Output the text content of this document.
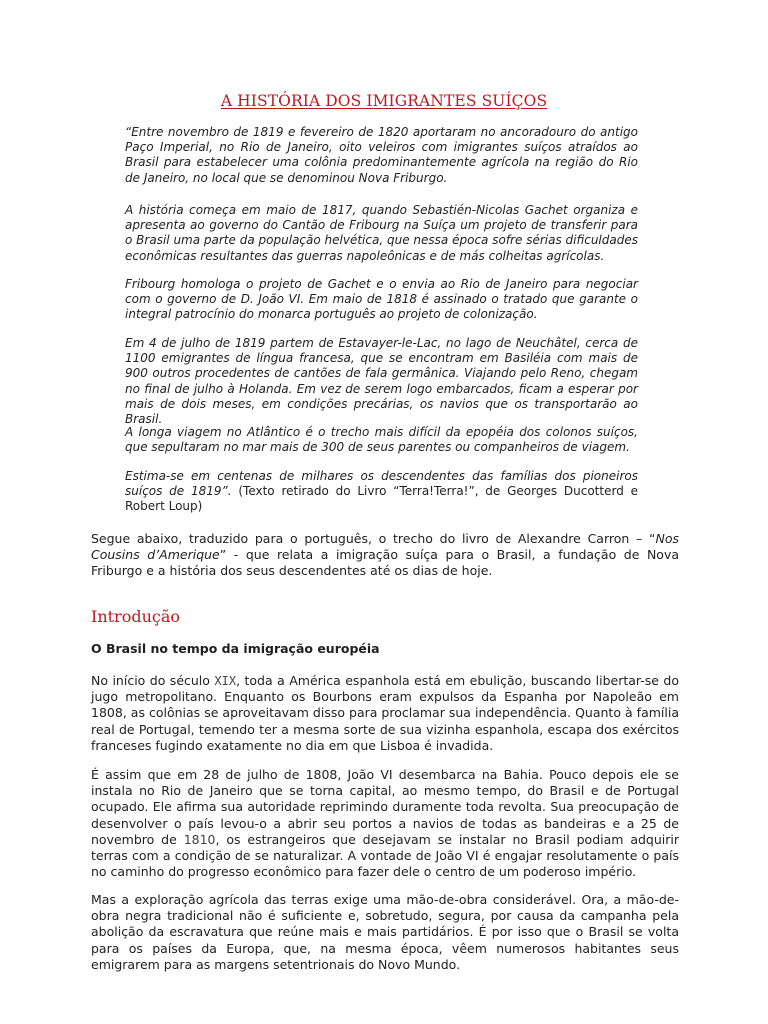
A HISTÓRIA DOS IMIGRANTES SUÍÇOS
“Entre novembro de 1819 e fevereiro de 1820 aportaram no ancoradouro do antigo Paço Imperial, no Rio de Janeiro, oito veleiros com imigrantes suíços atraídos ao Brasil para estabelecer uma colônia predominantemente agrícola na região do Rio de Janeiro, no local que se denominou Nova Friburgo.
A história começa em maio de 1817, quando Sebastién-Nicolas Gachet organiza e apresenta ao governo do Cantão de Fribourg na Suíça um projeto de transferir para o Brasil uma parte da população helvética, que nessa época sofre sérias dificuldades econômicas resultantes das guerras napoleônicas e de más colheitas agrícolas.
Fribourg homologa o projeto de Gachet e o envia ao Rio de Janeiro para negociar com o governo de D. João VI. Em maio de 1818 é assinado o tratado que garante o integral patrocínio do monarca português ao projeto de colonização.
Em 4 de julho de 1819 partem de Estavayer-le-Lac, no lago de Neuchâtel, cerca de 1100 emigrantes de língua francesa, que se encontram em Basiléia com mais de 900 outros procedentes de cantões de fala germânica. Viajando pelo Reno, chegam no final de julho à Holanda. Em vez de serem logo embarcados, ficam a esperar por mais de dois meses, em condições precárias, os navios que os transportarão ao Brasil.
A longa viagem no Atlântico é o trecho mais difícil da epopéia dos colonos suíços, que sepultaram no mar mais de 300 de seus parentes ou companheiros de viagem.
Estima-se em centenas de milhares os descendentes das famílias dos pioneiros suíços de 1819”. (Texto retirado do Livro “Terra!Terra!”, de Georges Ducotterd e Robert Loup)
Segue abaixo, traduzido para o português, o trecho do livro de Alexandre Carron – “Nos Cousins d’Amerique” - que relata a imigração suíça para o Brasil, a fundação de Nova Friburgo e a história dos seus descendentes até os dias de hoje.
Introdução
O Brasil no tempo da imigração européia
No início do século XIX, toda a América espanhola está em ebulição, buscando libertar-se do jugo metropolitano. Enquanto os Bourbons eram expulsos da Espanha por Napoleão em 1808, as colônias se aproveitavam disso para proclamar sua independência. Quanto à família real de Portugal, temendo ter a mesma sorte de sua vizinha espanhola, escapa dos exércitos franceses fugindo exatamente no dia em que Lisboa é invadida.
É assim que em 28 de julho de 1808, João VI desembarca na Bahia. Pouco depois ele se instala no Rio de Janeiro que se torna capital, ao mesmo tempo, do Brasil e de Portugal ocupado. Ele afirma sua autoridade reprimindo duramente toda revolta. Sua preocupação de desenvolver o país levou-o a abrir seu portos a navios de todas as bandeiras e a 25 de novembro de 1810, os estrangeiros que desejavam se instalar no Brasil podiam adquirir terras com a condição de se naturalizar. A vontade de João VI é engajar resolutamente o país no caminho do progresso econômico para fazer dele o centro de um poderoso império.
Mas a exploração agrícola das terras exige uma mão-de-obra considerável. Ora, a mão-de-obra negra tradicional não é suficiente e, sobretudo, segura, por causa da campanha pela abolição da escravatura que reúne mais e mais partidários. É por isso que o Brasil se volta para os países da Europa, que, na mesma época, vêem numerosos habitantes seus emigrarem para as margens setentrionais do Novo Mundo.
